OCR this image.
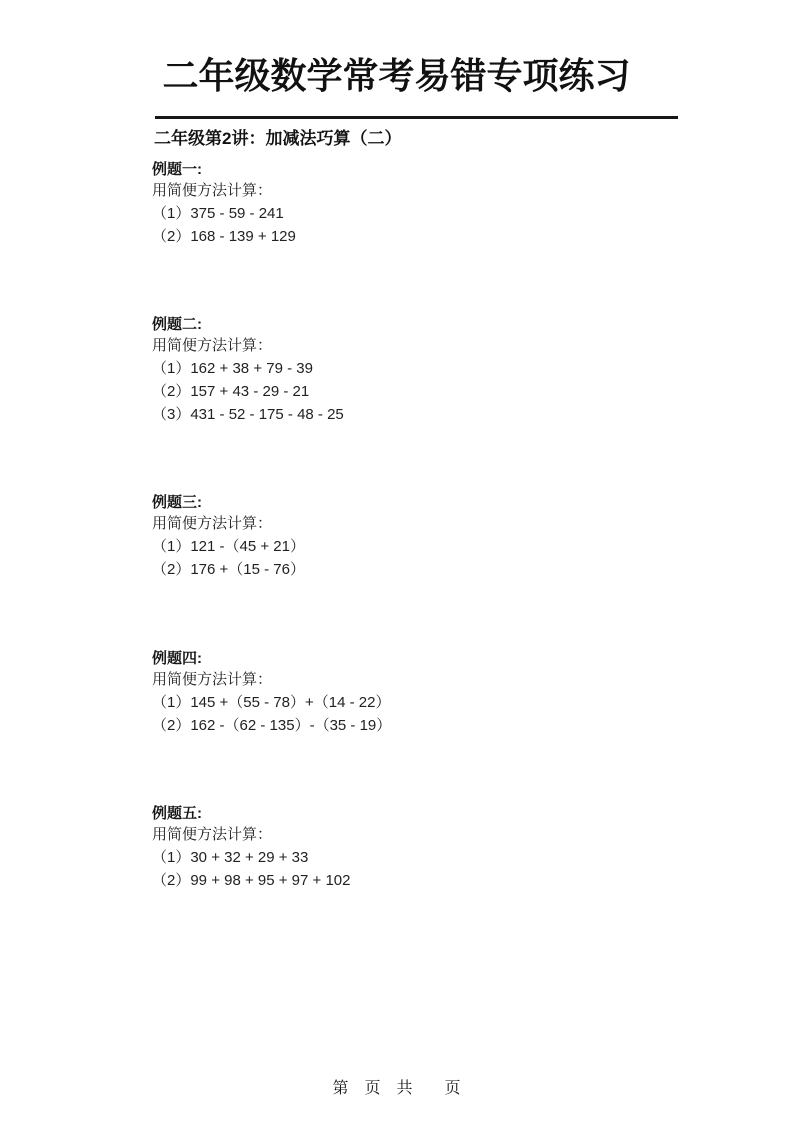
二年级数学常考易错专项练习
二年级第2讲：加减法巧算（二）
例题一:
用简便方法计算：
（1）375 - 59 - 241
（2）168 - 139 + 129
例题二:
用简便方法计算：
（1）162 + 38 + 79 - 39
（2）157 + 43 - 29 - 21
（3）431 - 52 - 175 - 48 - 25
例题三:
用简便方法计算：
（1）121 -（45 + 21）
（2）176 +（15 - 76）
例题四:
用简便方法计算：
（1）145 +（55 - 78）+（14 - 22）
（2）162 -（62 - 135）-（35 - 19）
例题五:
用简便方法计算：
（1）30 + 32 + 29 + 33
（2）99 + 98 + 95 + 97 + 102
第　页　共　　页
